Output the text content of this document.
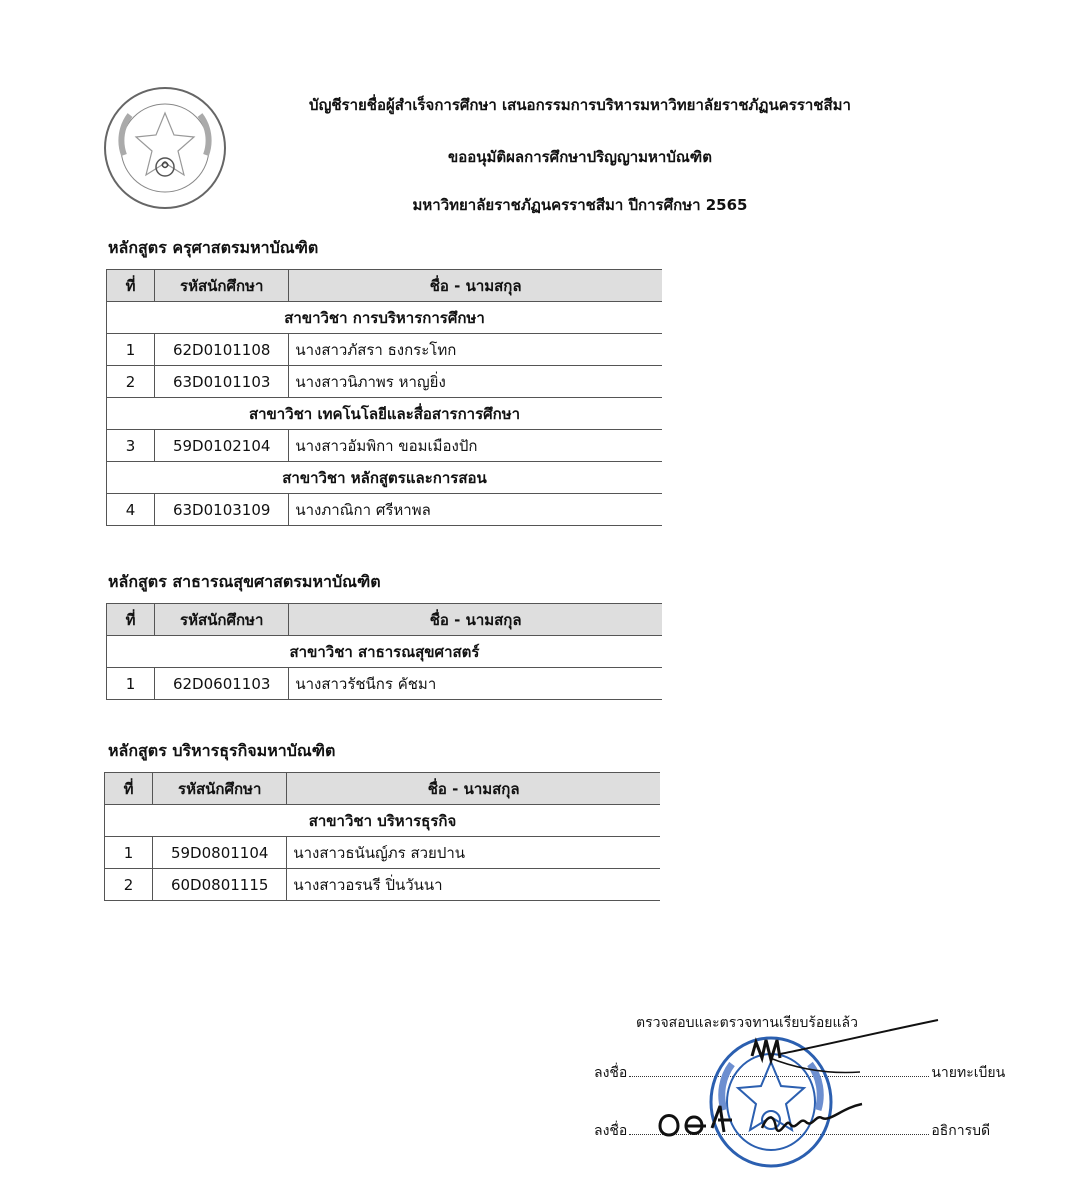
บัญชีรายชื่อผู้สำเร็จการศึกษา เสนอกรรมการบริหารมหาวิทยาลัยราชภัฏนครราชสีมา
ขออนุมัติผลการศึกษาปริญญามหาบัณฑิต
มหาวิทยาลัยราชภัฏนครราชสีมา ปีการศึกษา 2565
หลักสูตร ครุศาสตรมหาบัณฑิต
ที่	รหัสนักศึกษา	ชื่อ - นามสกุล
สาขาวิชา การบริหารการศึกษา		
1	62D0101108	นางสาวภัสรา ธงกระโทก
2	63D0101103	นางสาวนิภาพร หาญยิ่ง
สาขาวิชา เทคโนโลยีและสื่อสารการศึกษา		
3	59D0102104	นางสาวอัมพิกา ขอมเมืองปัก
สาขาวิชา หลักสูตรและการสอน		
4	63D0103109	นางภาณิกา ศรีหาพล
หลักสูตร สาธารณสุขศาสตรมหาบัณฑิต
ที่	รหัสนักศึกษา	ชื่อ - นามสกุล
สาขาวิชา สาธารณสุขศาสตร์		
1	62D0601103	นางสาวรัชนีกร คัชมา
หลักสูตร บริหารธุรกิจมหาบัณฑิต
ที่	รหัสนักศึกษา	ชื่อ - นามสกุล
สาขาวิชา บริหารธุรกิจ		
1	59D0801104	นางสาวธนันญ์ภร สวยปาน
2	60D0801115	นางสาวอรนรี ปิ่นวันนา
ตรวจสอบและตรวจทานเรียบร้อยแล้ว
ลงชื่อ	นายทะเบียน
ลงชื่อ	อธิการบดี
